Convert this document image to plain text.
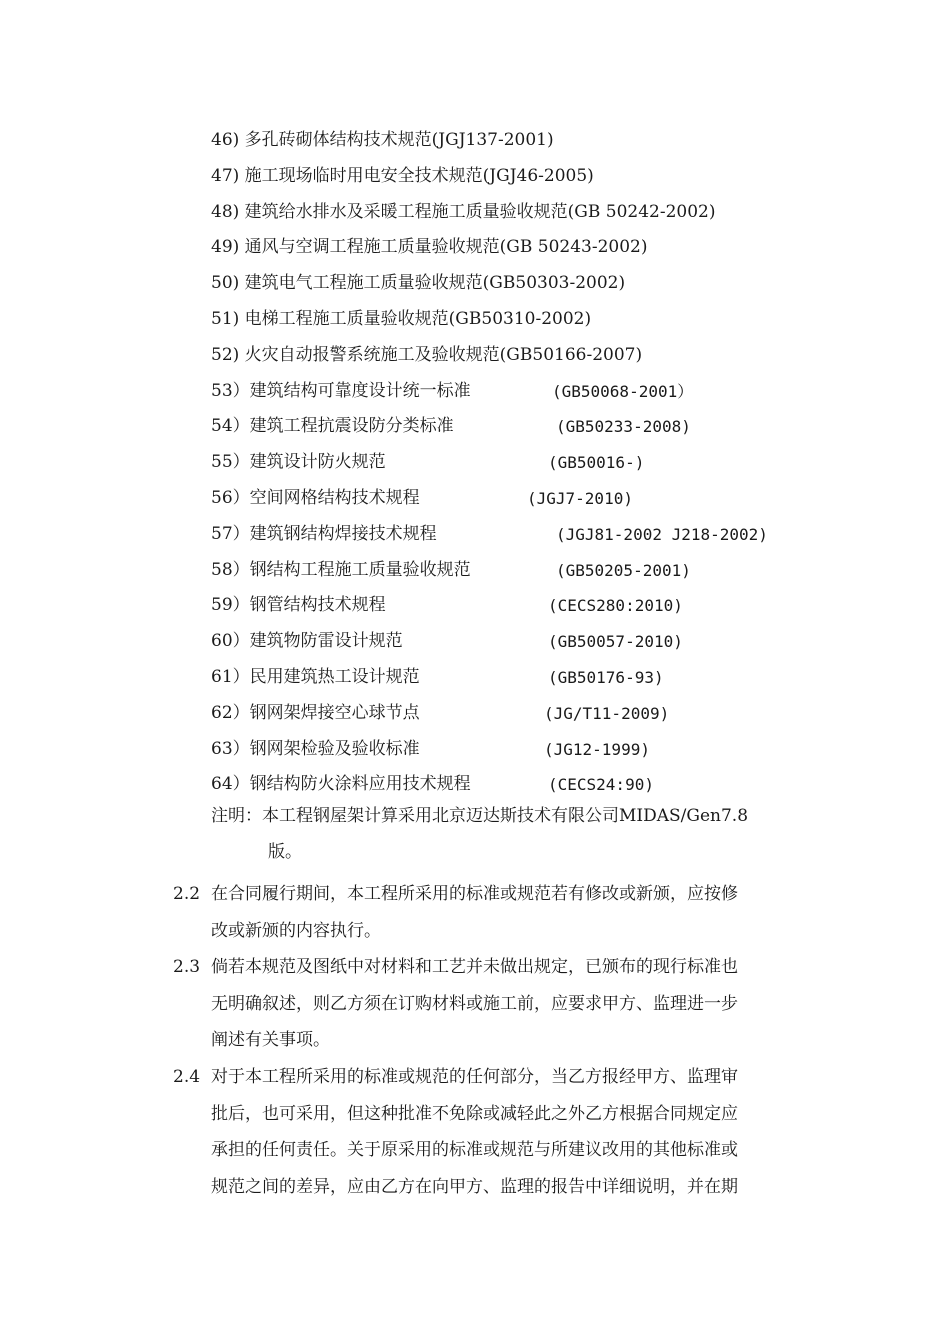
46) 多孔砖砌体结构技术规范(JGJ137-2001)
47) 施工现场临时用电安全技术规范(JGJ46-2005)
48) 建筑给水排水及采暖工程施工质量验收规范(GB 50242-2002)
49) 通风与空调工程施工质量验收规范(GB 50243-2002)
50) 建筑电气工程施工质量验收规范(GB50303-2002)
51) 电梯工程施工质量验收规范(GB50310-2002)
52) 火灾自动报警系统施工及验收规范(GB50166-2007)
53）建筑结构可靠度设计统一标准	(GB50068-2001）
54）建筑工程抗震设防分类标准	(GB50233-2008)
55）建筑设计防火规范	(GB50016-)
56）空间网格结构技术规程	(JGJ7-2010)
57）建筑钢结构焊接技术规程	(JGJ81-2002 J218-2002)
58）钢结构工程施工质量验收规范	(GB50205-2001)
59）钢管结构技术规程	(CECS280:2010)
60）建筑物防雷设计规范	(GB50057-2010)
61）民用建筑热工设计规范	(GB50176-93)
62）钢网架焊接空心球节点	(JG/T11-2009)
63）钢网架检验及验收标准	(JG12-1999)
64）钢结构防火涂料应用技术规程	(CECS24:90)
注明：本工程钢屋架计算采用北京迈达斯技术有限公司MIDAS/Gen7.8
版。
2.2 在合同履行期间，本工程所采用的标准或规范若有修改或新颁，应按修
改或新颁的内容执行。
2.3 倘若本规范及图纸中对材料和工艺并未做出规定，已颁布的现行标准也
无明确叙述，则乙方须在订购材料或施工前，应要求甲方、监理进一步
阐述有关事项。
2.4 对于本工程所采用的标准或规范的任何部分，当乙方报经甲方、监理审
批后，也可采用，但这种批准不免除或减轻此之外乙方根据合同规定应
承担的任何责任。关于原采用的标准或规范与所建议改用的其他标准或
规范之间的差异，应由乙方在向甲方、监理的报告中详细说明，并在期
